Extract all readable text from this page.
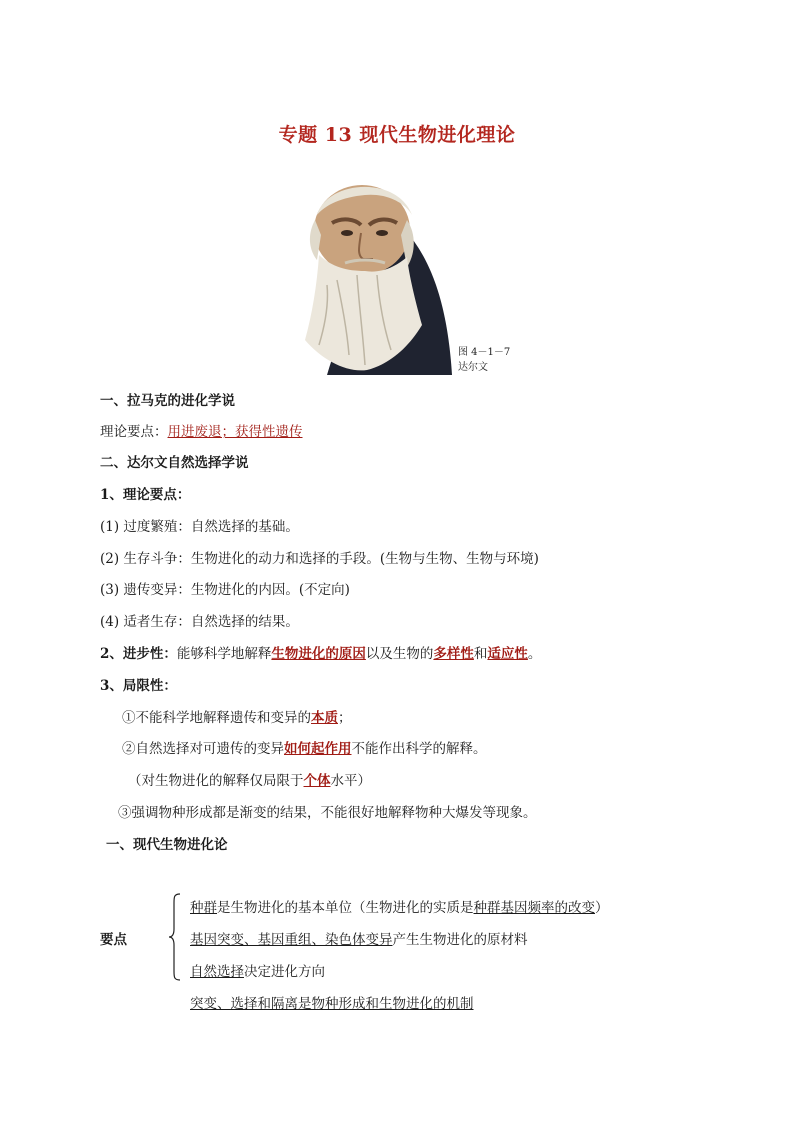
专题 13 现代生物进化理论
图 4－1－7
达尔文
一、拉马克的进化学说
理论要点：用进废退；获得性遗传
二、达尔文自然选择学说
1、理论要点：
(1) 过度繁殖：自然选择的基础。
(2) 生存斗争：生物进化的动力和选择的手段。(生物与生物、生物与环境)
(3) 遗传变异：生物进化的内因。(不定向)
(4) 适者生存：自然选择的结果。
2、进步性：能够科学地解释生物进化的原因以及生物的多样性和适应性。
3、局限性：
①不能科学地解释遗传和变异的本质；
②自然选择对可遗传的变异如何起作用不能作出科学的解释。
（对生物进化的解释仅局限于个体水平）
③强调物种形成都是渐变的结果，不能很好地解释物种大爆发等现象。
一、现代生物进化论
要点
种群是生物进化的基本单位（生物进化的实质是种群基因频率的改变）
基因突变、基因重组、染色体变异产生生物进化的原材料
自然选择决定进化方向
突变、选择和隔离是物种形成和生物进化的机制
